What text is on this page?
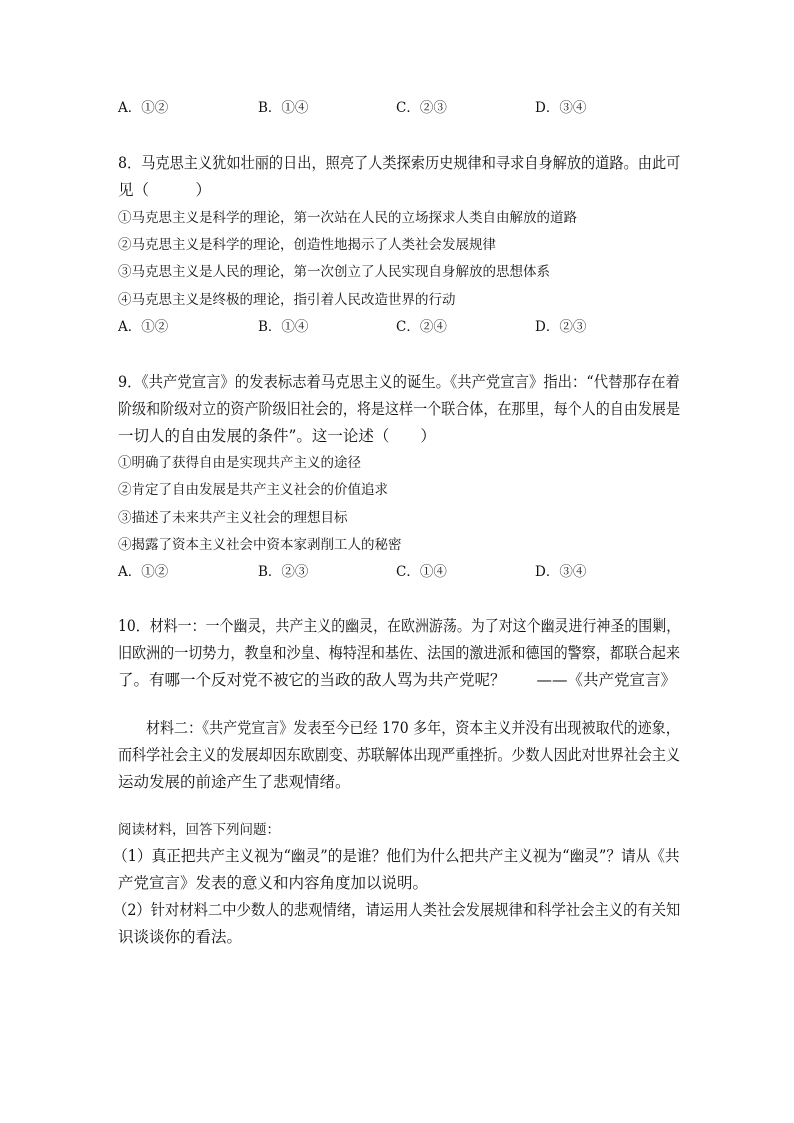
A．①②	B．①④	C．②③	D．③④
8．马克思主义犹如壮丽的日出，照亮了人类探索历史规律和寻求自身解放的道路。由此可
见（　　　）
①马克思主义是科学的理论，第一次站在人民的立场探求人类自由解放的道路
②马克思主义是科学的理论，创造性地揭示了人类社会发展规律
③马克思主义是人民的理论，第一次创立了人民实现自身解放的思想体系
④马克思主义是终极的理论，指引着人民改造世界的行动
A．①②	B．①④	C．②④	D．②③
9．《共产党宣言》的发表标志着马克思主义的诞生。《共产党宣言》指出：“代替那存在着
阶级和阶级对立的资产阶级旧社会的，将是这样一个联合体，在那里，每个人的自由发展是
一切人的自由发展的条件”。这一论述（　　）
①明确了获得自由是实现共产主义的途径
②肯定了自由发展是共产主义社会的价值追求
③描述了未来共产主义社会的理想目标
④揭露了资本主义社会中资本家剥削工人的秘密
A．①②	B．②③	C．①④	D．③④
10．材料一：一个幽灵，共产主义的幽灵，在欧洲游荡。为了对这个幽灵进行神圣的围剿，
旧欧洲的一切势力，教皇和沙皇、梅特涅和基佐、法国的激进派和德国的警察，都联合起来
了。有哪一个反对党不被它的当政的敌人骂为共产党呢？　　——《共产党宣言》
材料二：《共产党宣言》发表至今已经 170 多年，资本主义并没有出现被取代的迹象，
而科学社会主义的发展却因东欧剧变、苏联解体出现严重挫折。少数人因此对世界社会主义
运动发展的前途产生了悲观情绪。
阅读材料，回答下列问题：
（1）真正把共产主义视为“幽灵”的是谁？他们为什么把共产主义视为“幽灵”？请从《共
产党宣言》发表的意义和内容角度加以说明。
（2）针对材料二中少数人的悲观情绪，请运用人类社会发展规律和科学社会主义的有关知
识谈谈你的看法。
